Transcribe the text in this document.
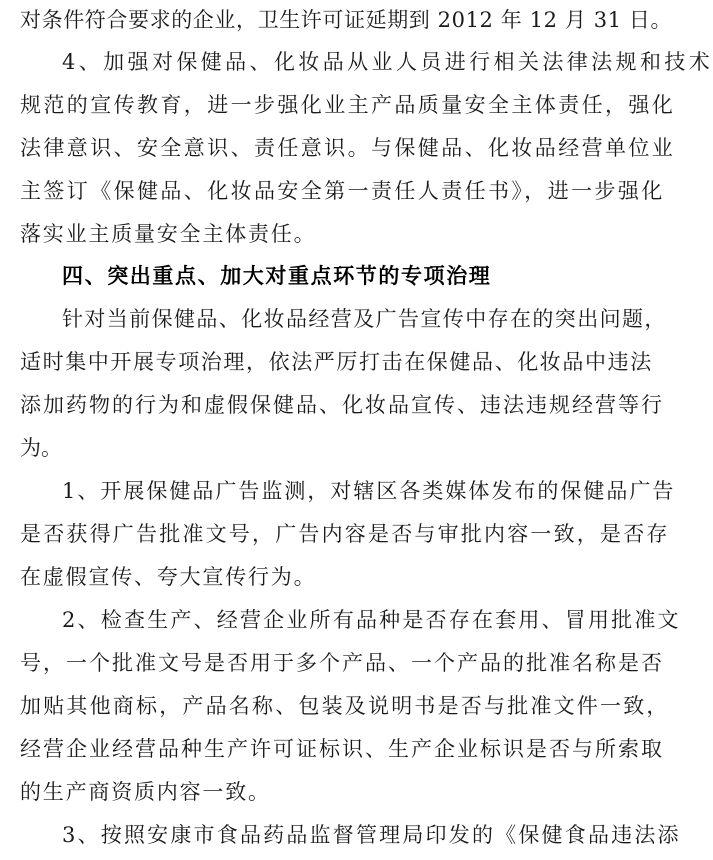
对条件符合要求的企业，卫生许可证延期到 2012 年 12 月 31 日。
4、加强对保健品、化妆品从业人员进行相关法律法规和技术
规范的宣传教育，进一步强化业主产品质量安全主体责任，强化
法律意识、安全意识、责任意识。与保健品、化妆品经营单位业
主签订《保健品、化妆品安全第一责任人责任书》，进一步强化
落实业主质量安全主体责任。
四、突出重点、加大对重点环节的专项治理
针对当前保健品、化妆品经营及广告宣传中存在的突出问题，
适时集中开展专项治理，依法严厉打击在保健品、化妆品中违法
添加药物的行为和虚假保健品、化妆品宣传、违法违规经营等行
为。
1、开展保健品广告监测，对辖区各类媒体发布的保健品广告
是否获得广告批准文号，广告内容是否与审批内容一致，是否存
在虚假宣传、夸大宣传行为。
2、检查生产、经营企业所有品种是否存在套用、冒用批准文
号，一个批准文号是否用于多个产品、一个产品的批准名称是否
加贴其他商标，产品名称、包装及说明书是否与批准文件一致，
经营企业经营品种生产许可证标识、生产企业标识是否与所索取
的生产商资质内容一致。
3、按照安康市食品药品监督管理局印发的《保健食品违法添
